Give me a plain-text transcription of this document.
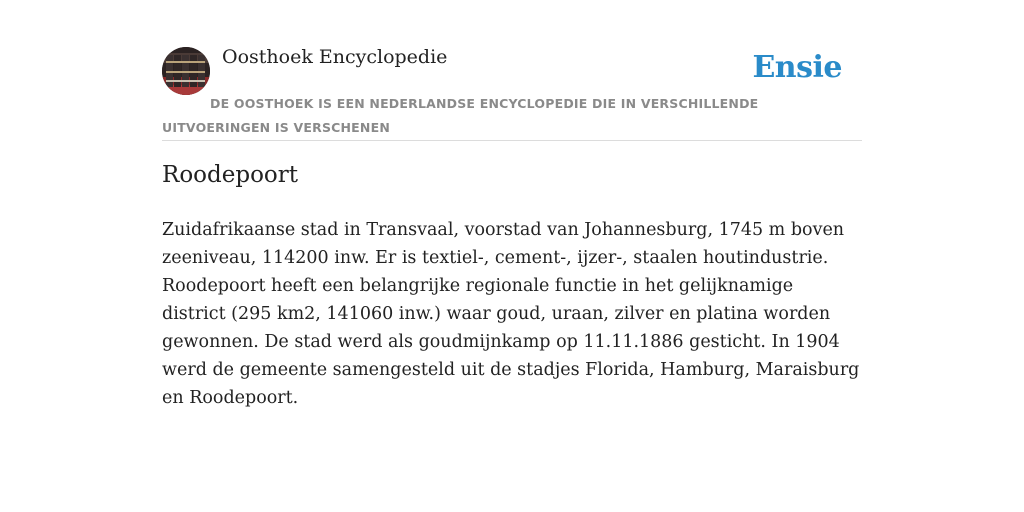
Oosthoek Encyclopedie	Ensie
DE OOSTHOEK IS EEN NEDERLANDSE ENCYCLOPEDIE DIE IN VERSCHILLENDE UITVOERINGEN IS VERSCHENEN
Roodepoort

Zuidafrikaanse stad in Transvaal, voorstad van Johannesburg, 1745 m boven zeeniveau, 114200 inw. Er is textiel-, cement-, ijzer-, staalen houtindustrie. Roodepoort heeft een belangrijke regionale functie in het gelijknamige district (295 km2, 141060 inw.) waar goud, uraan, zilver en platina worden gewonnen. De stad werd als goudmijnkamp op 11.11.1886 gesticht. In 1904 werd de gemeente samengesteld uit de stadjes Florida, Hamburg, Maraisburg en Roodepoort.
